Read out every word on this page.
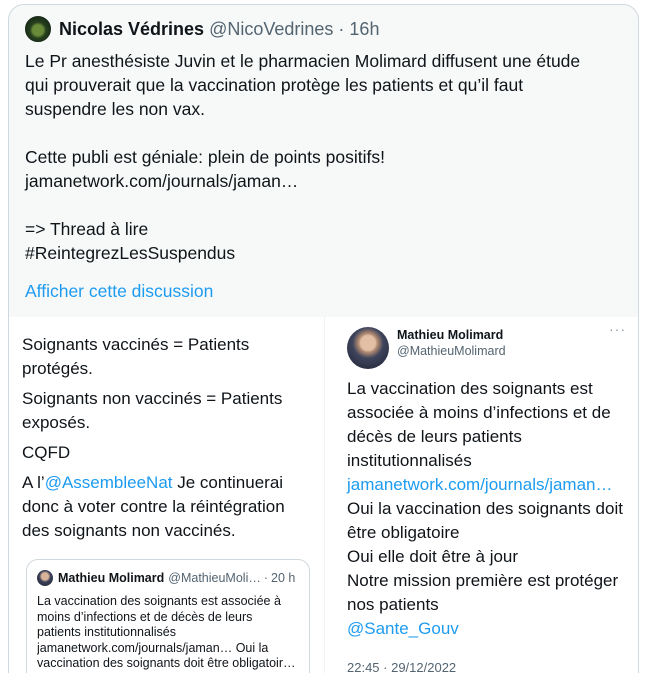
Nicolas Védrines @NicoVedrines · 16h
Le Pr anesthésiste Juvin et le pharmacien Molimard diffusent une étude
qui prouverait que la vaccination protège les patients et qu’il faut
suspendre les non vax.
Cette publi est géniale: plein de points positifs!
jamanetwork.com/journals/jaman…
=> Thread à lire
#ReintegrezLesSuspendus
Afficher cette discussion

Soignants vaccinés = Patients protégés.

Soignants non vaccinés = Patients exposés.

CQFD

A l’@AssembleeNat Je continuerai donc à voter contre la réintégration des soignants non vaccinés.

Mathieu Molimard @MathieuMoli… · 20 h
La vaccination des soignants est associée à
moins d’infections et de décès de leurs
patients institutionnalisés
jamanetwork.com/journals/jaman… Oui la
vaccination des soignants doit être obligatoir…
Mathieu Molimard
@MathieuMolimard
···
La vaccination des soignants est
associée à moins d’infections et de
décès de leurs patients
institutionnalisés
jamanetwork.com/journals/jaman…
Oui la vaccination des soignants doit
être obligatoire
Oui elle doit être à jour
Notre mission première est protéger
nos patients
@Sante_Gouv
22:45 · 29/12/2022
